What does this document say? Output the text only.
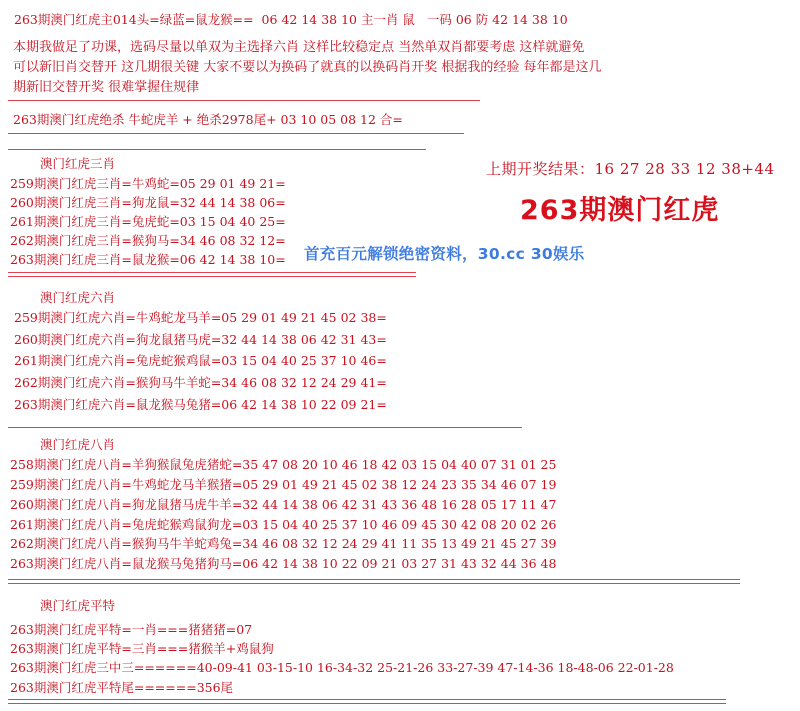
263期澳门红虎主014头=绿蓝=鼠龙猴==  06 42 14 38 10 主一肖 鼠   一码 06 防 42 14 38 10
本期我做足了功课，选码尽量以单双为主选择六肖 这样比较稳定点 当然单双肖都要考虑 这样就避免
可以新旧肖交替开 这几期很关键 大家不要以为换码了就真的以换码肖开奖 根据我的经验 每年都是这几
期新旧交替开奖 很难掌握住规律
263期澳门红虎绝杀 牛蛇虎羊 + 绝杀2978尾+ 03 10 05 08 12 合=
澳门红虎三肖
259期澳门红虎三肖=牛鸡蛇=05 29 01 49 21=
260期澳门红虎三肖=狗龙鼠=32 44 14 38 06=
261期澳门红虎三肖=兔虎蛇=03 15 04 40 25=
262期澳门红虎三肖=猴狗马=34 46 08 32 12=
263期澳门红虎三肖=鼠龙猴=06 42 14 38 10=
上期开奖结果：16 27 28 33 12 38+44
263期澳门红虎
首充百元解锁绝密资料，30.cc 30娱乐
澳门红虎六肖
259期澳门红虎六肖=牛鸡蛇龙马羊=05 29 01 49 21 45 02 38=
260期澳门红虎六肖=狗龙鼠猪马虎=32 44 14 38 06 42 31 43=
261期澳门红虎六肖=兔虎蛇猴鸡鼠=03 15 04 40 25 37 10 46=
262期澳门红虎六肖=猴狗马牛羊蛇=34 46 08 32 12 24 29 41=
263期澳门红虎六肖=鼠龙猴马兔猪=06 42 14 38 10 22 09 21=
澳门红虎八肖
258期澳门红虎八肖=羊狗猴鼠兔虎猪蛇=35 47 08 20 10 46 18 42 03 15 04 40 07 31 01 25
259期澳门红虎八肖=牛鸡蛇龙马羊猴猪=05 29 01 49 21 45 02 38 12 24 23 35 34 46 07 19
260期澳门红虎八肖=狗龙鼠猪马虎牛羊=32 44 14 38 06 42 31 43 36 48 16 28 05 17 11 47
261期澳门红虎八肖=兔虎蛇猴鸡鼠狗龙=03 15 04 40 25 37 10 46 09 45 30 42 08 20 02 26
262期澳门红虎八肖=猴狗马牛羊蛇鸡兔=34 46 08 32 12 24 29 41 11 35 13 49 21 45 27 39
263期澳门红虎八肖=鼠龙猴马兔猪狗马=06 42 14 38 10 22 09 21 03 27 31 43 32 44 36 48
澳门红虎平特
263期澳门红虎平特=一肖===猪猪猪=07
263期澳门红虎平特=三肖===猪猴羊+鸡鼠狗
263期澳门红虎三中三======40-09-41 03-15-10 16-34-32 25-21-26 33-27-39 47-14-36 18-48-06 22-01-28
263期澳门红虎平特尾======356尾
